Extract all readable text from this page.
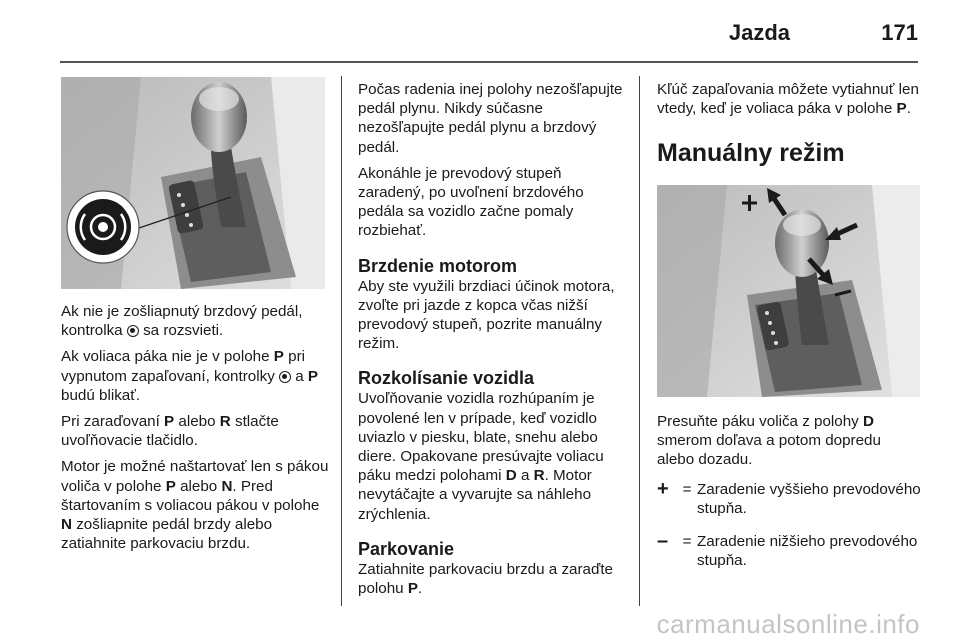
Jazda	171

Ak nie je zošliapnutý brzdový pedál, kontrolka  sa rozsvieti.

Ak voliaca páka nie je v polohe P pri vypnutom zapaľovaní, kontrolky  a P budú blikať.

Pri zaraďovaní P alebo R stlačte uvoľňovacie tlačidlo.

Motor je možné naštartovať len s pákou voliča v polohe P alebo N. Pred štartovaním s voliacou pákou v polohe N zošliapnite pedál brzdy alebo zatiahnite parkovaciu brzdu.

Počas radenia inej polohy nezošľapujte pedál plynu. Nikdy súčasne nezošľapujte pedál plynu a brzdový pedál.

Akonáhle je prevodový stupeň zaradený, po uvoľnení brzdového pedála sa vozidlo začne pomaly rozbiehať.

Brzdenie motorom

Aby ste využili brzdiaci účinok motora, zvoľte pri jazde z kopca včas nižší prevodový stupeň, pozrite manuálny režim.

Rozkolísanie vozidla

Uvoľňovanie vozidla rozhúpaním je povolené len v prípade, keď vozidlo uviazlo v piesku, blate, snehu alebo diere. Opakovane presúvajte voliacu páku medzi polohami D a R. Motor nevytáčajte a vyvarujte sa náhleho zrýchlenia.

Parkovanie

Zatiahnite parkovaciu brzdu a zaraďte polohu P.

Kľúč zapaľovania môžete vytiahnuť len vtedy, keď je voliaca páka v polohe P.

Manuálny režim

Presuňte páku voliča z polohy D smerom doľava a potom dopredu alebo dozadu.

+ = Zaradenie vyššieho prevodového stupňa.
– = Zaradenie nižšieho prevodového stupňa.
carmanualsonline.info
